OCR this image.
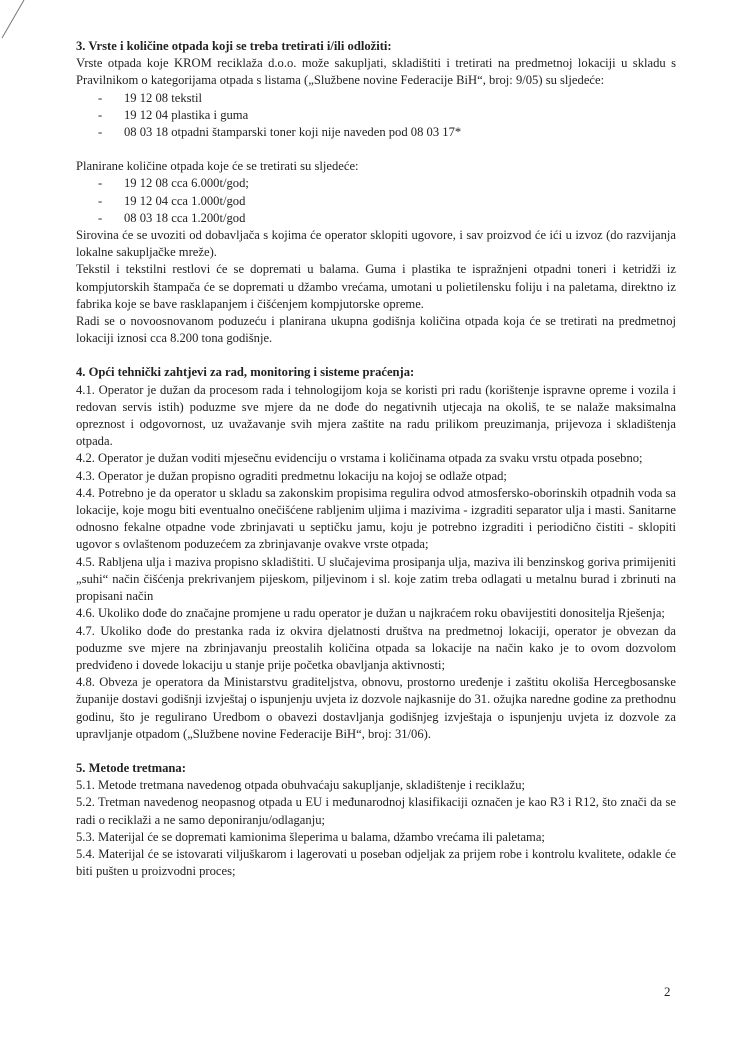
3. Vrste i količine otpada koji se treba tretirati i/ili odložiti:

Vrste otpada koje KROM reciklaža d.o.o. može sakupljati, skladištiti i tretirati na predmetnoj lokaciji u skladu s Pravilnikom o kategorijama otpada s listama („Službene novine Federacije BiH“, broj: 9/05) su sljedeće:

- 19 12 08 tekstil
- 19 12 04 plastika i guma
- 08 03 18 otpadni štamparski toner koji nije naveden pod 08 03 17*

Planirane količine otpada koje će se tretirati su sljedeće:

- 19 12 08 cca 6.000t/god;
- 19 12 04 cca 1.000t/god
- 08 03 18 cca 1.200t/god

Sirovina će se uvoziti od dobavljača s kojima će operator sklopiti ugovore, i sav proizvod će ići u izvoz (do razvijanja lokalne sakupljačke mreže).

Tekstil i tekstilni restlovi će se dopremati u balama. Guma i plastika te ispražnjeni otpadni toneri i ketridži iz kompjutorskih štampača će se dopremati u džambo vrećama, umotani u polietilensku foliju i na paletama, direktno iz fabrika koje se bave rasklapanjem i čišćenjem kompjutorske opreme.

Radi se o novoosnovanom poduzeću i planirana ukupna godišnja količina otpada koja će se tretirati na predmetnoj lokaciji iznosi cca 8.200 tona godišnje.

4. Opći tehnički zahtjevi za rad, monitoring i sisteme praćenja:

4.1. Operator je dužan da procesom rada i tehnologijom koja se koristi pri radu (korištenje ispravne opreme i vozila i redovan servis istih) poduzme sve mjere da ne dođe do negativnih utjecaja na okoliš, te se nalaže maksimalna opreznost i odgovornost, uz uvažavanje svih mjera zaštite na radu prilikom preuzimanja, prijevoza i skladištenja otpada.

4.2. Operator je dužan voditi mjesečnu evidenciju o vrstama i količinama otpada za svaku vrstu otpada posebno;

4.3. Operator je dužan propisno ograditi predmetnu lokaciju na kojoj se odlaže otpad;

4.4. Potrebno je da operator u skladu sa zakonskim propisima regulira odvod atmosfersko-oborinskih otpadnih voda sa lokacije, koje mogu biti eventualno onečišćene rabljenim uljima i mazivima - izgraditi separator ulja i masti. Sanitarne odnosno fekalne otpadne vode zbrinjavati u septičku jamu, koju je potrebno izgraditi i periodično čistiti - sklopiti ugovor s ovlaštenom poduzećem za zbrinjavanje ovakve vrste otpada;

4.5. Rabljena ulja i maziva propisno skladištiti. U slučajevima prosipanja ulja, maziva ili benzinskog goriva primijeniti „suhi“ način čišćenja prekrivanjem pijeskom, piljevinom i sl. koje zatim treba odlagati u metalnu burad i zbrinuti na propisani način

4.6. Ukoliko dođe do značajne promjene u radu operator je dužan u najkraćem roku obavijestiti donositelja Rješenja;

4.7. Ukoliko dođe do prestanka rada iz okvira djelatnosti društva na predmetnoj lokaciji, operator je obvezan da poduzme sve mjere na zbrinjavanju preostalih količina otpada sa lokacije na način kako je to ovom dozvolom predviđeno i dovede lokaciju u stanje prije početka obavljanja aktivnosti;

4.8. Obveza je operatora da Ministarstvu graditeljstva, obnovu, prostorno uređenje i zaštitu okoliša Hercegbosanske županije dostavi godišnji izvještaj o ispunjenju uvjeta iz dozvole najkasnije do 31. ožujka naredne godine za prethodnu godinu, što je regulirano Uredbom o obavezi dostavljanja godišnjeg izvještaja o ispunjenju uvjeta iz dozvole za upravljanje otpadom („Službene novine Federacije BiH“, broj: 31/06).

5. Metode tretmana:

5.1. Metode tretmana navedenog otpada obuhvaćaju sakupljanje, skladištenje i reciklažu;

5.2. Tretman navedenog neopasnog otpada u EU i međunarodnoj klasifikaciji označen je kao R3 i R12, što znači da se radi o reciklaži a ne samo deponiranju/odlaganju;

5.3. Materijal će se dopremati kamionima šleperima u balama, džambo vrećama ili paletama;

5.4. Materijal će se istovarati viljuškarom i lagerovati u poseban odjeljak za prijem robe i kontrolu kvalitete, odakle će biti pušten u proizvodni proces;

2
